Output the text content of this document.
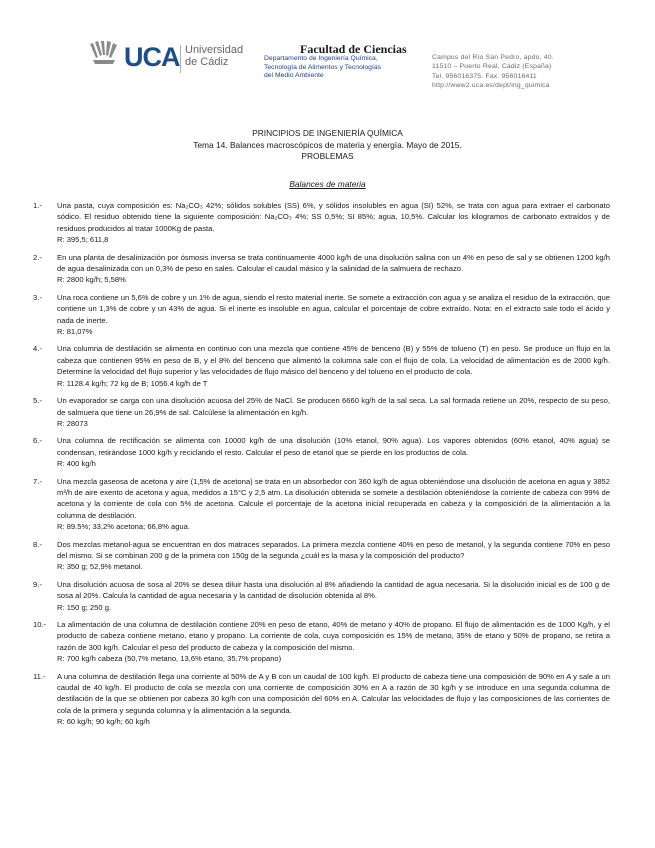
UCA Universidad
de Cádiz
Facultad de Ciencias
Departamento de Ingeniería Química,
Tecnología de Alimentos y Tecnologías
del Medio Ambiente
Campus del Río San Pedro, apdo. 40.
11510 – Puerto Real, Cádiz (España)
Tel. 956016375. Fax. 956016411
http://www2.uca.es/dept/ing_quimica
PRINCIPIOS DE INGENIERÍA QUÍMICA
Tema 14. Balances macroscópicos de materia y energía. Mayo de 2015.
PROBLEMAS
Balances de materia
1.- Una pasta, cuya composición es: Na₂CO₃ 42%; sólidos solubles (SS) 6%, y sólidos insolubles en agua (SI) 52%, se trata con agua para extraer el carbonato sódico. El residuo obtenido tiene la siguiente composición: Na₂CO₃ 4%; SS 0,5%; SI 85%; agua, 10,5%. Calcular los kilogramos de carbonato extraídos y de residuos producidos al tratar 1000Kg de pasta.
R: 395,5; 611,8
2.- En una planta de desalinización por ósmosis inversa se trata continuamente 4000 kg/h de una disolución salina con un 4% en peso de sal y se obtienen 1200 kg/h de agua desalinizada con un 0,3% de peso en sales. Calcular el caudal másico y la salinidad de la salmuera de rechazo.
R: 2800 kg/h; 5,58%
3.- Una roca contiene un 5,6% de cobre y un 1% de agua, siendo el resto material inerte. Se somete a extracción con agua y se analiza el residuo de la extracción, que contiene un 1,3% de cobre y un 43% de agua. Si el inerte es insoluble en agua, calcular el porcentaje de cobre extraído. Nota: en el extracto sale todo el ácido y nada de inerte.
R: 81,07%
4.- Una columna de destilación se alimenta en continuo con una mezcla que contiene 45% de benceno (B) y 55% de tolueno (T) en peso. Se produce un flujo en la cabeza que contienen 95% en peso de B, y el 8% del benceno que alimentó la columna sale con el flujo de cola. La velocidad de alimentación es de 2000 kg/h. Determine la velocidad del flujo superior y las velocidades de flujo másico del benceno y del tolueno en el producto de cola.
R: 1128.4 kg/h; 72 kg de B; 1056.4 kg/h de T
5.- Un evaporador se carga con una disolución acuosa del 25% de NaCl. Se producen 6660 kg/h de la sal seca. La sal formada retiene un 20%, respecto de su peso, de salmuera que tiene un 26,9% de sal. Calcúlese la alimentación en kg/h.
R: 28073
6.- Una columna de rectificación se alimenta con 10000 kg/h de una disolución (10% etanol, 90% agua). Los vapores obtenidos (60% etanol, 40% agua) se condensan, retirándose 1000 kg/h y reciclando el resto. Calcular el peso de etanol que se pierde en los productos de cola.
R: 400 kg/h
7.- Una mezcla gaseosa de acetona y aire (1,5% de acetona) se trata en un absorbedor con 360 kg/h de agua obteniéndose una disolución de acetona en agua y 3852 m³/h de aire exento de acetona y agua, medidos a 15°C y 2,5 atm. La disolución obtenida se somete a destilación obteniéndose la corriente de cabeza con 99% de acetona y la corriente de cola con 5% de acetona. Calcule el porcentaje de la acetona inicial recuperada en cabeza y la composición de la alimentación a la columna de destilación.
R: 89.5%; 33,2% acetona; 66,8% agua.
8.- Dos mezclas metanol-agua se encuentran en dos matraces separados. La primera mezcla contiene 40% en peso de metanol, y la segunda contiene 70% en peso del mismo. Si se combinan 200 g de la primera con 150g de la segunda ¿cuál es la masa y la composición del producto?
R: 350 g; 52,9% metanol.
9.- Una disolución acuosa de sosa al 20% se desea diluir hasta una disolución al 8% añadiendo la cantidad de agua necesaria. Si la disolución inicial es de 100 g de sosa al 20%. Calcula la cantidad de agua necesaria y la cantidad de disolución obtenida al 8%.
R: 150 g; 250 g.
10.- La alimentación de una columna de destilación contiene 20% en peso de etano, 40% de metano y 40% de propano. El flujo de alimentación es de 1000 Kg/h, y el producto de cabeza contiene metano, etano y propano. La corriente de cola, cuya composición es 15% de metano, 35% de etano y 50% de propano, se retira a razón de 300 kg/h. Calcular el peso del producto de cabeza y la composición del mismo.
R: 700 kg/h cabeza (50,7% metano, 13,6% etano, 35,7% propano)
11.- A una columna de destilación llega una corriente al 50% de A y B con un caudal de 100 kg/h. El producto de cabeza tiene una composición de 90% en A y sale a un caudal de 40 kg/h. El producto de cola se mezcla con una corriente de composición 30% en A a razón de 30 kg/h y se introduce en una segunda columna de destilación de la que se obtienen por cabeza 30 kg/h con una composición del 60% en A. Calcular las velocidades de flujo y las composiciones de las corrientes de cola de la primera y segunda columna y la alimentación a la segunda.
R: 60 kg/h; 90 kg/h; 60 kg/h
